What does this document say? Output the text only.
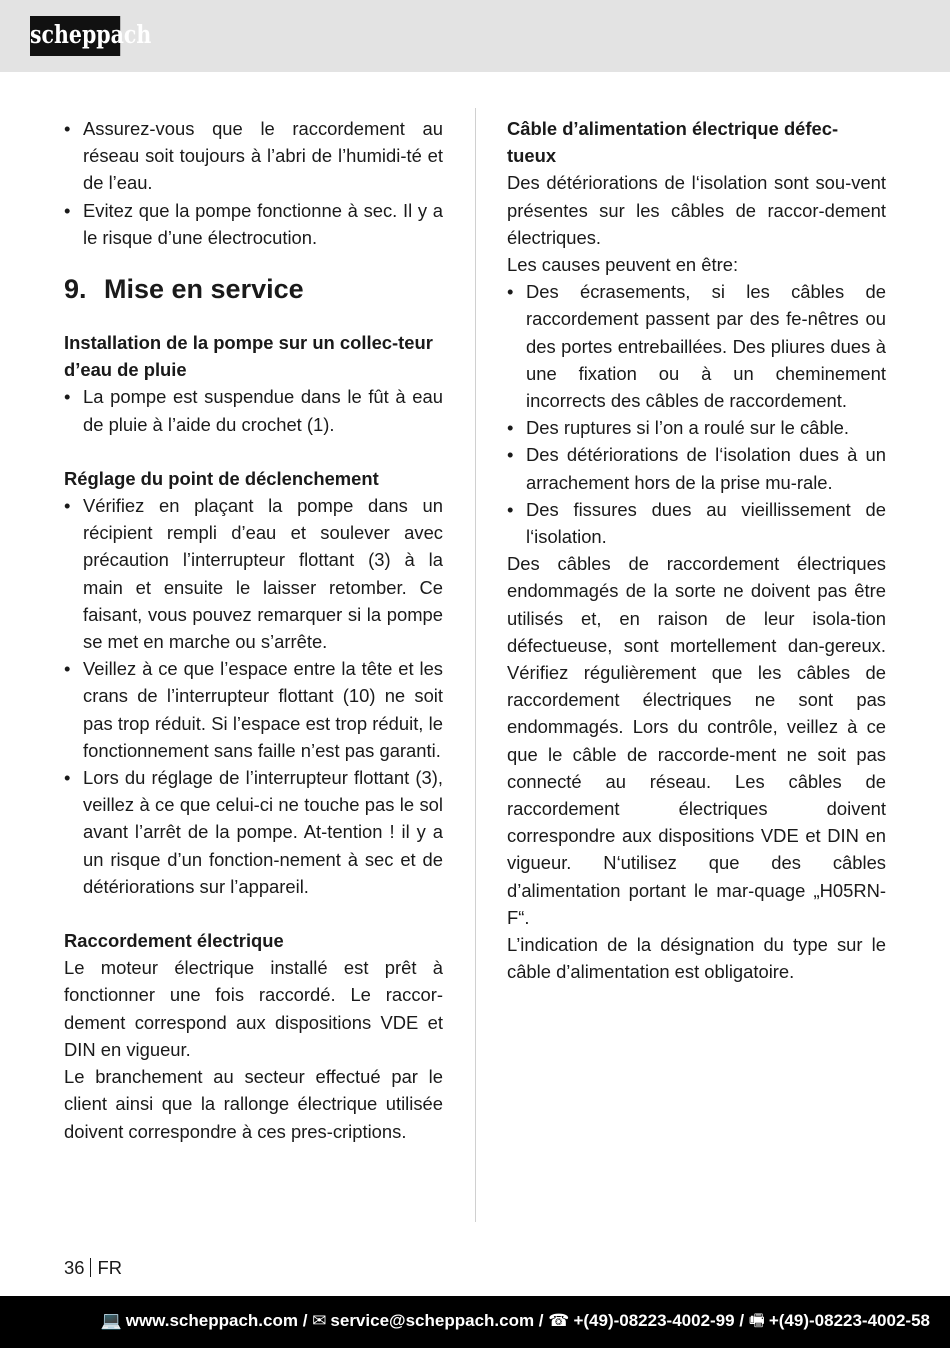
scheppach
• Assurez-vous que le raccordement au réseau soit toujours à l’abri de l’humidi-té et de l’eau.
• Evitez que la pompe fonctionne à sec. Il y a le risque d’une électrocution.

9. Mise en service

Installation de la pompe sur un collec-teur d’eau de pluie

• La pompe est suspendue dans le fût à eau de pluie à l’aide du crochet (1).

Réglage du point de déclenchement

• Vérifiez en plaçant la pompe dans un récipient rempli d’eau et soulever avec précaution l’interrupteur flottant (3) à la main et ensuite le laisser retomber. Ce faisant, vous pouvez remarquer si la pompe se met en marche ou s’arrête.
• Veillez à ce que l’espace entre la tête et les crans de l’interrupteur flottant (10) ne soit pas trop réduit. Si l’espace est trop réduit, le fonctionnement sans faille n’est pas garanti.
• Lors du réglage de l’interrupteur flottant (3), veillez à ce que celui-ci ne touche pas le sol avant l’arrêt de la pompe. At-tention ! il y a un risque d’un fonction-nement à sec et de détériorations sur l’appareil.

Raccordement électrique

Le moteur électrique installé est prêt à fonctionner une fois raccordé. Le raccor-dement correspond aux dispositions VDE et DIN en vigueur.

Le branchement au secteur effectué par le client ainsi que la rallonge électrique utilisée doivent correspondre à ces pres-criptions.

Câble d’alimentation électrique défec-tueux

Des détériorations de l‘isolation sont sou-vent présentes sur les câbles de raccor-dement électriques.

Les causes peuvent en être:

• Des écrasements, si les câbles de raccordement passent par des fe-nêtres ou des portes entrebaillées. Des pliures dues à une fixation ou à un cheminement incorrects des câbles de raccordement.
• Des ruptures si l’on a roulé sur le câble.
• Des détériorations de l‘isolation dues à un arrachement hors de la prise mu-rale.
• Des fissures dues au vieillissement de l‘isolation.

Des câbles de raccordement électriques endommagés de la sorte ne doivent pas être utilisés et, en raison de leur isola-tion défectueuse, sont mortellement dan-gereux. Vérifiez régulièrement que les câbles de raccordement électriques ne sont pas endommagés. Lors du contrôle, veillez à ce que le câble de raccorde-ment ne soit pas connecté au réseau. Les câbles de raccordement électriques doivent correspondre aux dispositions VDE et DIN en vigueur. N‘utilisez que des câbles d’alimentation portant le mar-quage „H05RN-F“.

L’indication de la désignation du type sur le câble d’alimentation est obligatoire.

36 FR
💻 www.scheppach.com / ✉ service@scheppach.com / ☎ +(49)-08223-4002-99 / 🖷 +(49)-08223-4002-58
